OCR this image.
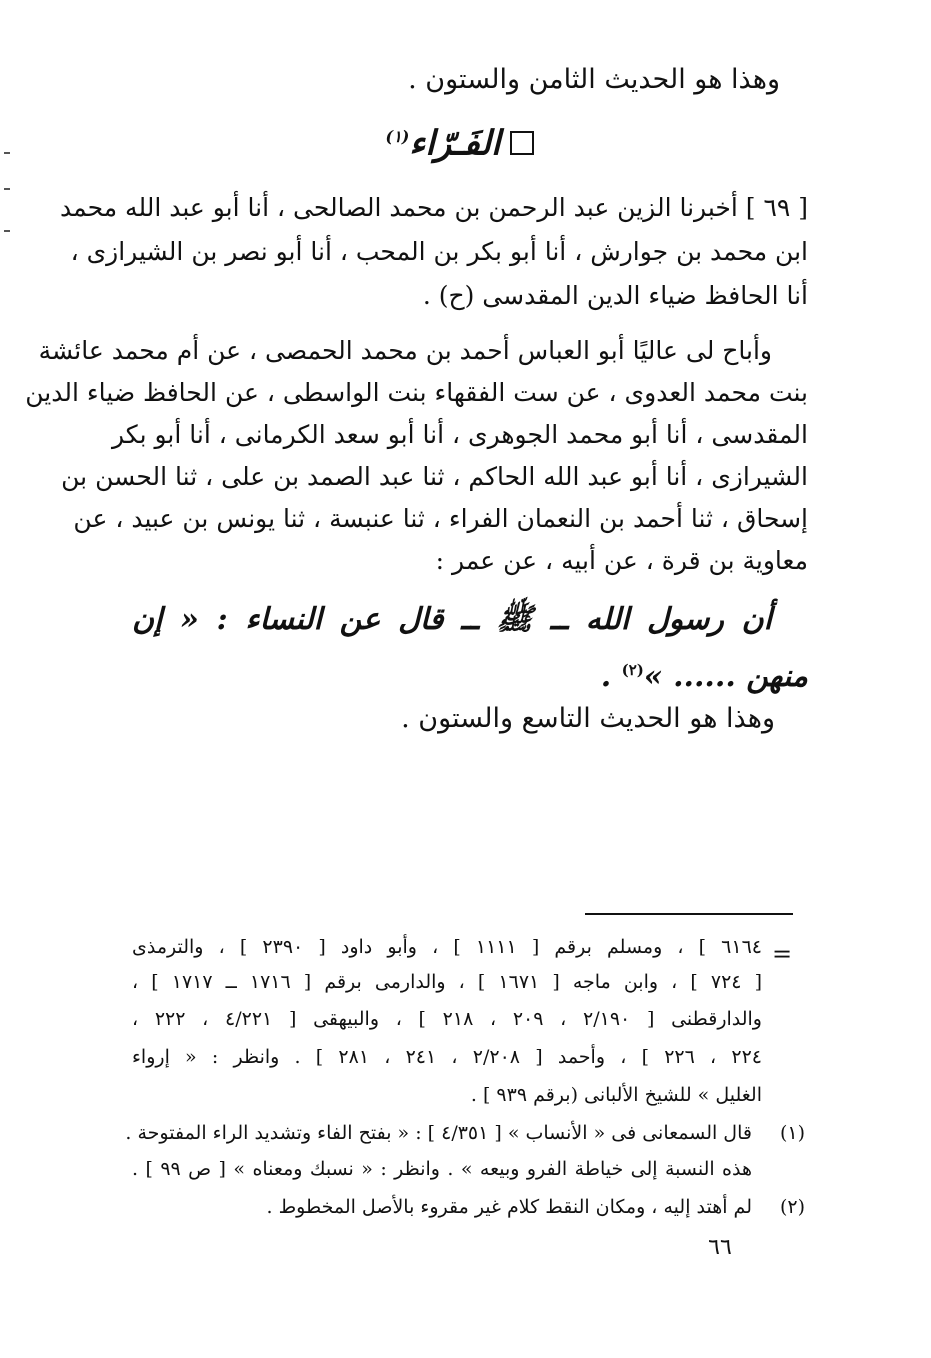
وهذا هو الحديث الثامن والستون .
الفَـرّاء$^{(١)}$
[ ٦٩ ] أخبرنا الزين عبد الرحمن بن محمد الصالحى ، أنا أبو عبد الله محمد
ابن محمد بن جوارش ، أنا أبو بكر بن المحب ، أنا أبو نصر بن الشيرازى ،
أنا الحافظ ضياء الدين المقدسى (ح) .
وأباح لى عاليًا أبو العباس أحمد بن محمد الحمصى ، عن أم محمد عائشة
بنت محمد العدوى ، عن ست الفقهاء بنت الواسطى ، عن الحافظ ضياء الدين
المقدسى ، أنا أبو محمد الجوهرى ، أنا أبو سعد الكرمانى ، أنا أبو بكر
الشيرازى ، أنا أبو عبد الله الحاكم ، ثنا عبد الصمد بن على ، ثنا الحسن بن
إسحاق ، ثنا أحمد بن النعمان الفراء ، ثنا عنبسة ، ثنا يونس بن عبيد ، عن
معاوية بن قرة ، عن أبيه ، عن عمر :
أن رسول الله ــ ﷺ ــ قال عن النساء : « إن
منهن ...... »$^{(٢)}$ .
وهذا هو الحديث التاسع والستون .
=
٦١٦٤ ] ، ومسلم برقم [ ١١١١ ] ، وأبو داود [ ٢٣٩٠ ] ، والترمذى
[ ٧٢٤ ] ، وابن ماجه [ ١٦٧١ ] ، والدارمى برقم [ ١٧١٦ ــ ١٧١٧ ] ،
والدارقطنى [ ٢/١٩٠ ، ٢٠٩ ، ٢١٨ ] ، والبيهقى [ ٤/٢٢١ ، ٢٢٢ ،
٢٢٤ ، ٢٢٦ ] ، وأحمد [ ٢/٢٠٨ ، ٢٤١ ، ٢٨١ ] . وانظر : « إرواء
الغليل » للشيخ الألبانى (برقم ٩٣٩ ] .
(١)
قال السمعانى فى « الأنساب » [ ٤/٣٥١ ] : « بفتح الفاء وتشديد الراء المفتوحة .
هذه النسبة إلى خياطة الفرو وبيعه » . وانظر : « نسبك ومعناه » [ ص ٩٩ ] .
(٢)
لم أهتد إليه ، ومكان النقط كلام غير مقروء بالأصل المخطوط .
٦٦
